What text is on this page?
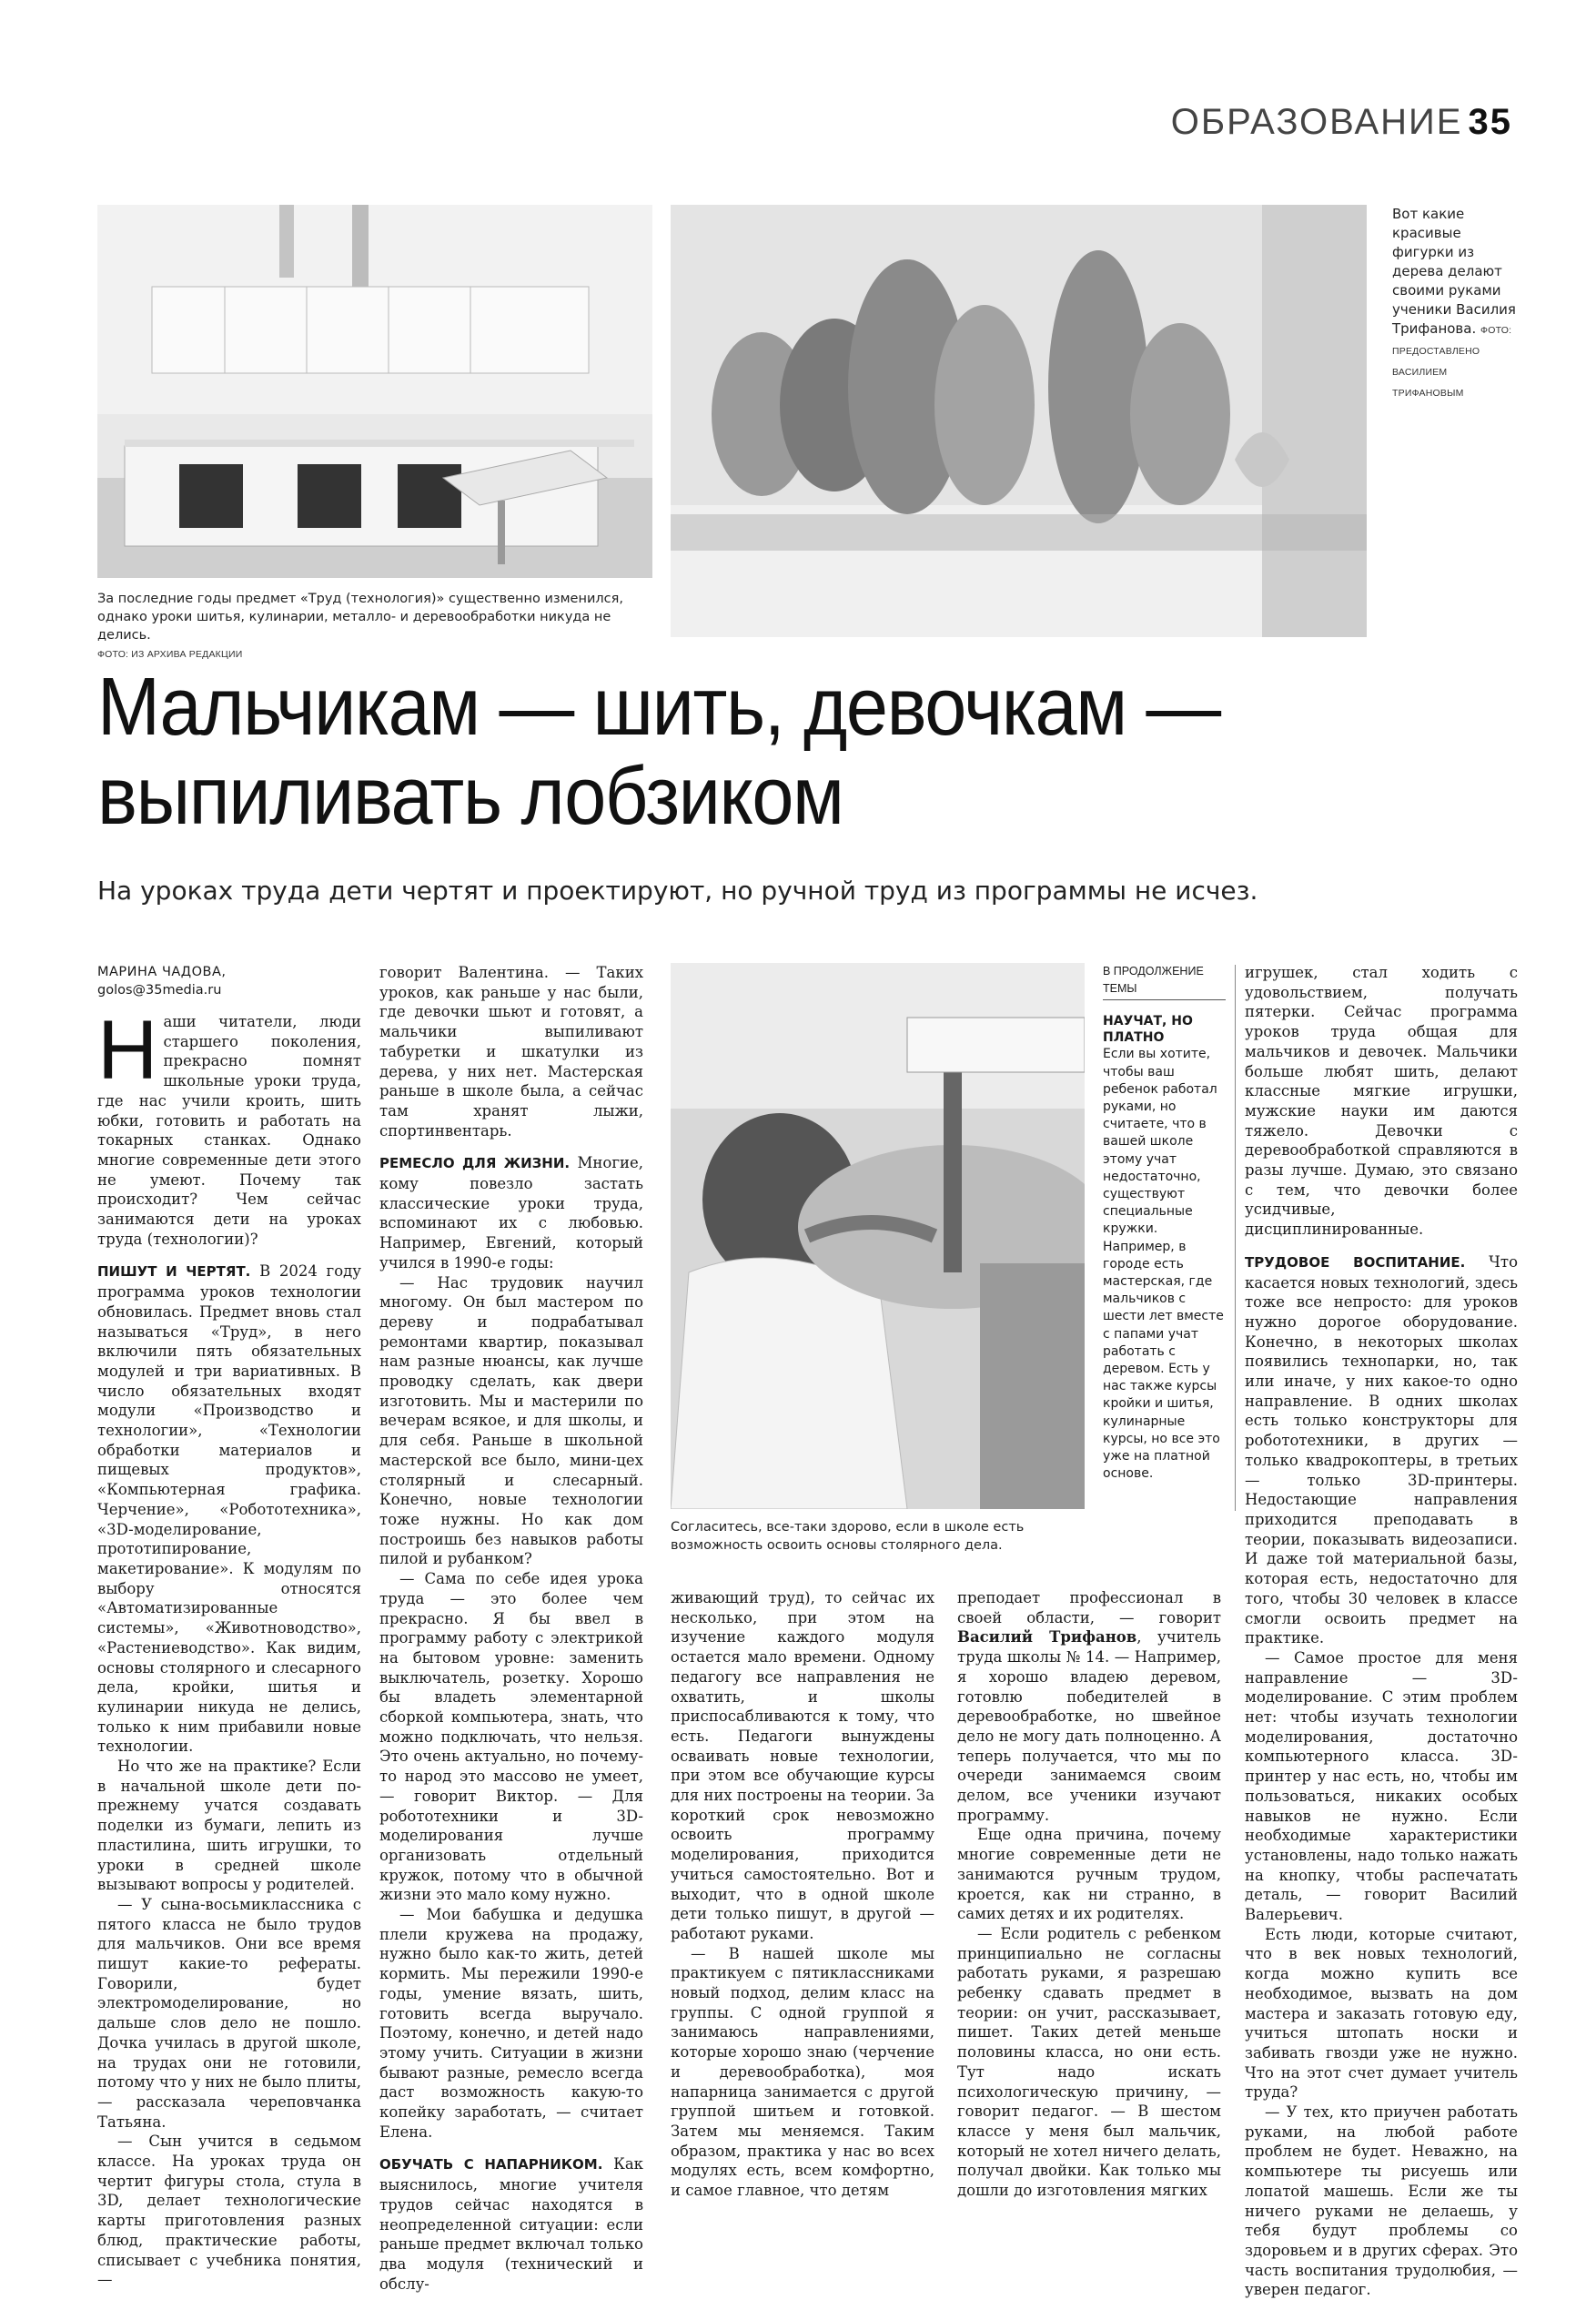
ОБРАЗОВАНИЕ 35
За последние годы предмет «Труд (технология)» существенно изменился, однако уроки шитья, кулинарии, металло- и деревообработки никуда не делись.
ФОТО: ИЗ АРХИВА РЕДАКЦИИ
Вот какие красивые фигурки из дерева делают своими руками ученики Василия Трифанова. ФОТО: ПРЕДОСТАВЛЕНО ВАСИЛИЕМ ТРИФАНОВЫМ
Мальчикам — шить, девочкам —
выпиливать лобзиком
На уроках труда дети чертят и проектируют, но ручной труд из программы не исчез.
МАРИНА ЧАДОВА,
golos@35media.ru

Наши читатели, люди старшего поколения, прекрасно помнят школьные уроки труда, где нас учили кроить, шить юбки, готовить и работать на токарных станках. Однако многие современные дети этого не умеют. Почему так происходит? Чем сейчас занимаются дети на уроках труда (технологии)?

ПИШУТ И ЧЕРТЯТ. В 2024 году программа уроков технологии обновилась. Предмет вновь стал называться «Труд», в него включили пять обязательных модулей и три вариативных. В число обязательных входят модули «Производство и технологии», «Технологии обработки материалов и пищевых продуктов», «Компьютерная графика. Черчение», «Робототехника», «3D-моделирование, прототипирование, макетирование». К модулям по выбору относятся «Автоматизированные системы», «Животноводство», «Растениеводство». Как видим, основы столярного и слесарного дела, кройки, шитья и кулинарии никуда не делись, только к ним прибавили новые технологии.

Но что же на практике? Если в начальной школе дети по-прежнему учатся создавать поделки из бумаги, лепить из пластилина, шить игрушки, то уроки в средней школе вызывают вопросы у родителей.

— У сына-восьмиклассника с пятого класса не было трудов для мальчиков. Они все время пишут какие-то рефераты. Говорили, будет электромоделирование, но дальше слов дело не пошло. Дочка училась в другой школе, на трудах они не готовили, потому что у них не было плиты, — рассказала череповчанка Татьяна.

— Сын учится в седьмом классе. На уроках труда он чертит фигуры стола, стула в 3D, делает технологические карты приготовления разных блюд, практические работы, списывает с учебника понятия, —

говорит Валентина. — Таких уроков, как раньше у нас были, где девочки шьют и готовят, а мальчики выпиливают табуретки и шкатулки из дерева, у них нет. Мастерская раньше в школе была, а сейчас там хранят лыжи, спортинвентарь.

РЕМЕСЛО ДЛЯ ЖИЗНИ. Многие, кому повезло застать классические уроки труда, вспоминают их с любовью. Например, Евгений, который учился в 1990-е годы:

— Нас трудовик научил многому. Он был мастером по дереву и подрабатывал ремонтами квартир, показывал нам разные нюансы, как лучше проводку сделать, как двери изготовить. Мы и мастерили по вечерам всякое, и для школы, и для себя. Раньше в школьной мастерской все было, мини-цех столярный и слесарный. Конечно, новые технологии тоже нужны. Но как дом построишь без навыков работы пилой и рубанком?

— Сама по себе идея урока труда — это более чем прекрасно. Я бы ввел в программу работу с электрикой на бытовом уровне: заменить выключатель, розетку. Хорошо бы владеть элементарной сборкой компьютера, знать, что можно подключать, что нельзя. Это очень актуально, но почему-то народ это массово не умеет, — говорит Виктор. — Для робототехники и 3D-моделирования лучше организовать отдельный кружок, потому что в обычной жизни это мало кому нужно.

— Мои бабушка и дедушка плели кружева на продажу, нужно было как-то жить, детей кормить. Мы пережили 1990-е годы, умение вязать, шить, готовить всегда выручало. Поэтому, конечно, и детей надо этому учить. Ситуации в жизни бывают разные, ремесло всегда даст возможность какую-то копейку заработать, — считает Елена.

ОБУЧАТЬ С НАПАРНИКОМ. Как выяснилось, многие учителя трудов сейчас находятся в неопределенной ситуации: если раньше предмет включал только два модуля (технический и обслу-

Согласитесь, все-таки здорово, если в школе есть возможность освоить основы столярного дела.
В ПРОДОЛЖЕНИЕ ТЕМЫ
НАУЧАТ, НО ПЛАТНО
Если вы хотите, чтобы ваш ребенок работал руками, но считаете, что в вашей школе этому учат недостаточно, существуют специальные кружки. Например, в городе есть мастерская, где мальчиков с шести лет вместе с папами учат работать с деревом. Есть у нас также курсы кройки и шитья, кулинарные курсы, но все это уже на платной основе.

живающий труд), то сейчас их несколько, при этом на изучение каждого модуля остается мало времени. Одному педагогу все направления не охватить, и школы приспосабливаются к тому, что есть. Педагоги вынуждены осваивать новые технологии, при этом все обучающие курсы для них построены на теории. За короткий срок невозможно освоить программу моделирования, приходится учиться самостоятельно. Вот и выходит, что в одной школе дети только пишут, в другой — работают руками.

— В нашей школе мы практикуем с пятиклассниками новый подход, делим класс на группы. С одной группой я занимаюсь направлениями, которые хорошо знаю (черчение и деревообработка), моя напарница занимается с другой группой шитьем и готовкой. Затем мы меняемся. Таким образом, практика у нас во всех модулях есть, всем комфортно, и самое главное, что детям

преподает профессионал в своей области, — говорит Василий Трифанов, учитель труда школы № 14. — Например, я хорошо владею деревом, готовлю победителей в деревообработке, но швейное дело не могу дать полноценно. А теперь получается, что мы по очереди занимаемся своим делом, все ученики изучают программу.

Еще одна причина, почему многие современные дети не занимаются ручным трудом, кроется, как ни странно, в самих детях и их родителях.

— Если родитель с ребенком принципиально не согласны работать руками, я разрешаю ребенку сдавать предмет в теории: он учит, рассказывает, пишет. Таких детей меньше половины класса, но они есть. Тут надо искать психологическую причину, — говорит педагог. — В шестом классе у меня был мальчик, который не хотел ничего делать, получал двойки. Как только мы дошли до изготовления мягких

игрушек, стал ходить с удовольствием, получать пятерки. Сейчас программа уроков труда общая для мальчиков и девочек. Мальчики больше любят шить, делают классные мягкие игрушки, мужские науки им даются тяжело. Девочки с деревообработкой справляются в разы лучше. Думаю, это связано с тем, что девочки более усидчивые, дисциплинированные.

ТРУДОВОЕ ВОСПИТАНИЕ. Что касается новых технологий, здесь тоже все непросто: для уроков нужно дорогое оборудование. Конечно, в некоторых школах появились технопарки, но, так или иначе, у них какое-то одно направление. В одних школах есть только конструкторы для робототехники, в других — только квадрокоптеры, в третьих — только 3D-принтеры. Недостающие направления приходится преподавать в теории, показывать видеозаписи. И даже той материальной базы, которая есть, недостаточно для того, чтобы 30 человек в классе смогли освоить предмет на практике.

— Самое простое для меня направление — 3D-моделирование. С этим проблем нет: чтобы изучать технологии моделирования, достаточно компьютерного класса. 3D-принтер у нас есть, но, чтобы им пользоваться, никаких особых навыков не нужно. Если необходимые характеристики установлены, надо только нажать на кнопку, чтобы распечатать деталь, — говорит Василий Валерьевич.

Есть люди, которые считают, что в век новых технологий, когда можно купить все необходимое, вызвать на дом мастера и заказать готовую еду, учиться штопать носки и забивать гвозди уже не нужно. Что на этот счет думает учитель труда?

— У тех, кто приучен работать руками, на любой работе проблем не будет. Неважно, на компьютере ты рисуешь или лопатой машешь. Если же ты ничего руками не делаешь, у тебя будут проблемы со здоровьем и в других сферах. Это часть воспитания трудолюбия, — уверен педагог.
